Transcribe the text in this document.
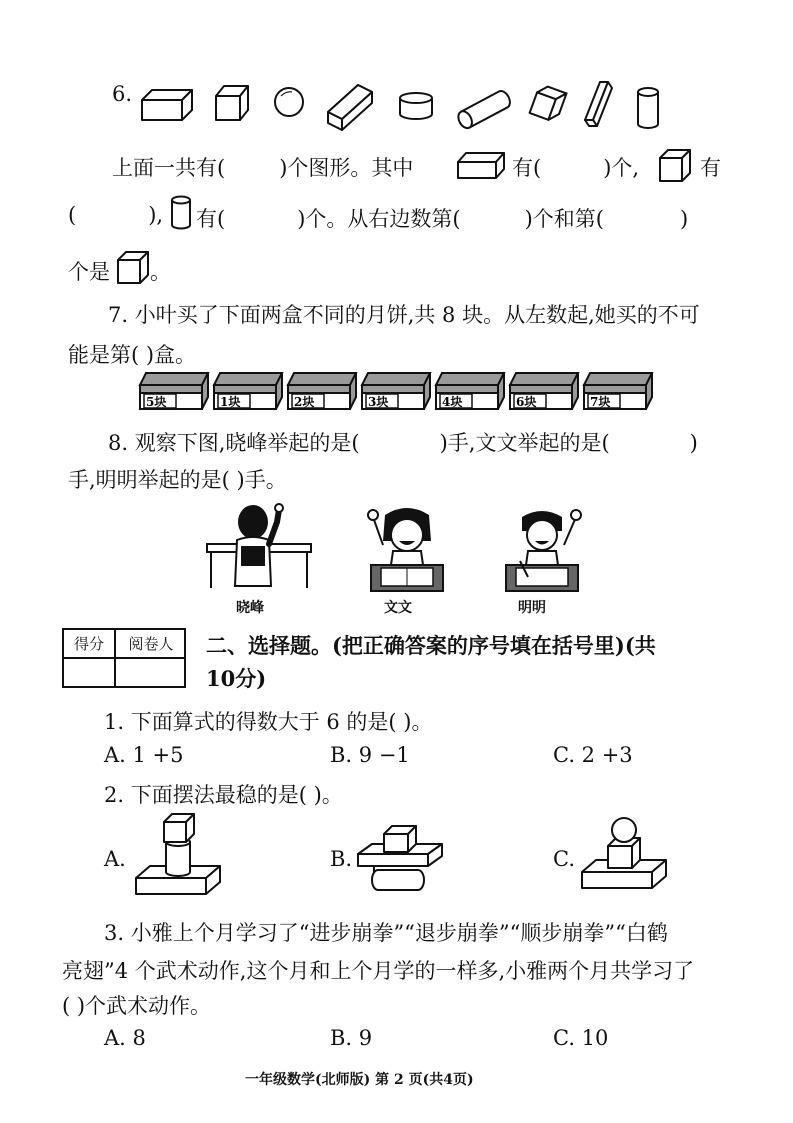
6.
上面一共有(	)个图形。其中	有(	)个,	有
(	), 有(	)个。从右边数第(	)个和第(	)
个是 。
7. 小叶买了下面两盒不同的月饼,共 8 块。从左数起,她买的不可
能是第( )盒。
5块	1块	2块	3块	4块	6块	7块
8. 观察下图,晓峰举起的是(	)手,文文举起的是(	)
手,明明举起的是( )手。
晓峰	文文	明明
得分	阅卷人	二、选择题。(把正确答案的序号填在括号里)(共
10分)
1. 下面算式的得数大于 6 的是( )。
A. 1 +5	B. 9 −1	C. 2 +3
2. 下面摆法最稳的是( )。
A.	B.	C.
3. 小雅上个月学习了“进步崩拳”“退步崩拳”“顺步崩拳”“白鹤
亮翅”4 个武术动作,这个月和上个月学的一样多,小雅两个月共学习了
( )个武术动作。
A. 8	B. 9	C. 10
一年级数学(北师版) 第 2 页(共4页)
